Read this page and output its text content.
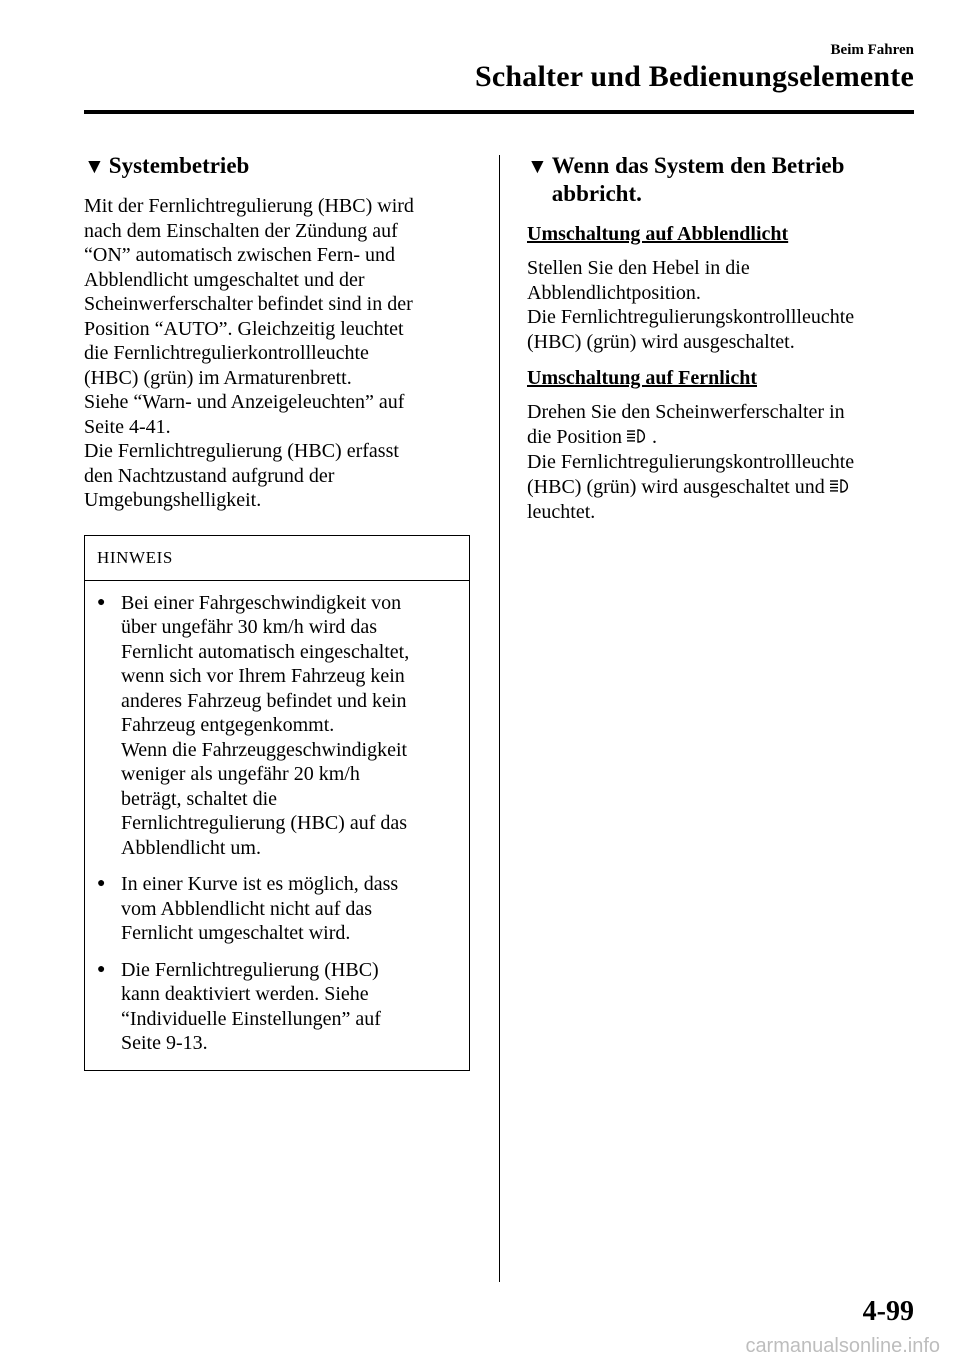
Beim Fahren
Schalter und Bedienungselemente
▼ Systembetrieb

Mit der Fernlichtregulierung (HBC) wird
nach dem Einschalten der Zündung auf
“ON” automatisch zwischen Fern- und
Abblendlicht umgeschaltet und der
Scheinwerferschalter befindet sind in der
Position “AUTO”. Gleichzeitig leuchtet
die Fernlichtregulierkontrollleuchte
(HBC) (grün) im Armaturenbrett.
Siehe “Warn- und Anzeigeleuchten” auf
Seite 4-41.
Die Fernlichtregulierung (HBC) erfasst
den Nachtzustand aufgrund der
Umgebungshelligkeit.

HINWEIS
● Bei einer Fahrgeschwindigkeit von
über ungefähr 30 km/h wird das
Fernlicht automatisch eingeschaltet,
wenn sich vor Ihrem Fahrzeug kein
anderes Fahrzeug befindet und kein
Fahrzeug entgegenkommt.
Wenn die Fahrzeuggeschwindigkeit
weniger als ungefähr 20 km/h
beträgt, schaltet die
Fernlichtregulierung (HBC) auf das
Abblendlicht um.
● In einer Kurve ist es möglich, dass
vom Abblendlicht nicht auf das
Fernlicht umgeschaltet wird.
● Die Fernlichtregulierung (HBC)
kann deaktiviert werden. Siehe
“Individuelle Einstellungen” auf
Seite 9-13.
▼ Wenn das System den Betrieb
abbricht.
Umschaltung auf Abblendlicht

Stellen Sie den Hebel in die
Abblendlichtposition.
Die Fernlichtregulierungskontrollleuchte
(HBC) (grün) wird ausgeschaltet.

Umschaltung auf Fernlicht

Drehen Sie den Scheinwerferschalter in
die Position .
Die Fernlichtregulierungskontrollleuchte
(HBC) (grün) wird ausgeschaltet und
leuchtet.

4-99
carmanualsonline.info
